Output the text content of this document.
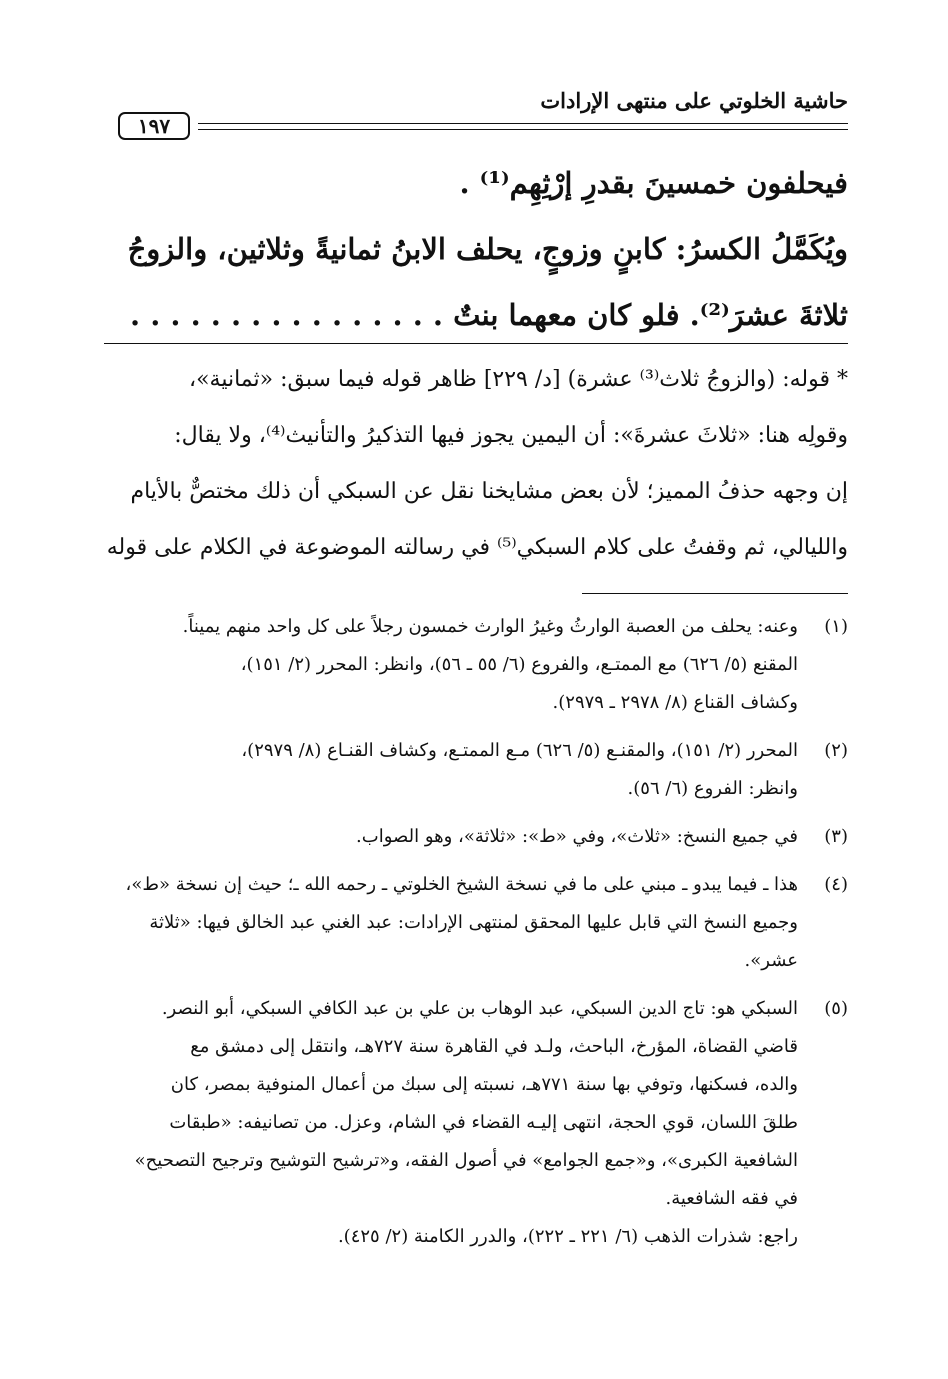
حاشية الخلوتي على منتهى الإرادات
١٩٧
فيحلفون خمسينَ بقدرِ إرْثِهِم⁽¹⁾ .
ويُكَمَّلُ الكسرُ: كابنٍ وزوجٍ، يحلف الابنُ ثمانيةً وثلاثين، والزوجُ
ثلاثةَ عشرَ⁽²⁾. فلو كان معهما بنتٌ . . . . . . . . . . . . . . . .
* قوله: (والزوجُ ثلاث⁽³⁾ عشرة) [د/ ٢٢٩] ظاهر قوله فيما سبق: «ثمانية»،
وقولِه هنا: «ثلاثَ عشرةَ»: أن اليمين يجوز فيها التذكيرُ والتأنيث⁽⁴⁾، ولا يقال:
إن وجهه حذفُ المميز؛ لأن بعض مشايخنا نقل عن السبكي أن ذلك مختصٌّ بالأيام
والليالي، ثم وقفتُ على كلام السبكي⁽⁵⁾ في رسالته الموضوعة في الكلام على قوله
(١)
وعنه: يحلف من العصبة الوارثُ وغيرُ الوارث خمسون رجلاً على كل واحد منهم يميناً.
المقنع (٥/ ٦٢٦) مع الممتـع، والفروع (٦/ ٥٥ ـ ٥٦)، وانظر: المحرر (٢/ ١٥١)،
وكشاف القناع (٨/ ٢٩٧٨ ـ ٢٩٧٩).
(٢)
المحرر (٢/ ١٥١)، والمقنـع (٥/ ٦٢٦) مـع الممتـع، وكشاف القنـاع (٨/ ٢٩٧٩)،
وانظر: الفروع (٦/ ٥٦).
(٣)
في جميع النسخ: «ثلاث»، وفي «ط»: «ثلاثة»، وهو الصواب.
(٤)
هذا ـ فيما يبدو ـ مبني على ما في نسخة الشيخ الخلوتي ـ رحمه الله ـ؛ حيث إن نسخة «ط»،
وجميع النسخ التي قابل عليها المحقق لمنتهى الإرادات: عبد الغني عبد الخالق فيها: «ثلاثة
عشر».
(٥)
السبكي هو: تاج الدين السبكي، عبد الوهاب بن علي بن عبد الكافي السبكي، أبو النصر.
قاضي القضاة، المؤرخ، الباحث، ولـد في القاهرة سنة ٧٢٧هـ، وانتقل إلى دمشق مع
والده، فسكنها، وتوفي بها سنة ٧٧١هـ، نسبته إلى سبك من أعمال المنوفية بمصر، كان
طلقَ اللسان، قوي الحجة، انتهى إليـه القضاء في الشام، وعزل. من تصانيفه: «طبقات
الشافعية الكبرى»، و«جمع الجوامع» في أصول الفقه، و«ترشيح التوشيح وترجيح التصحيح»
في فقه الشافعية.
راجع: شذرات الذهب (٦/ ٢٢١ ـ ٢٢٢)، والدرر الكامنة (٢/ ٤٢٥).
